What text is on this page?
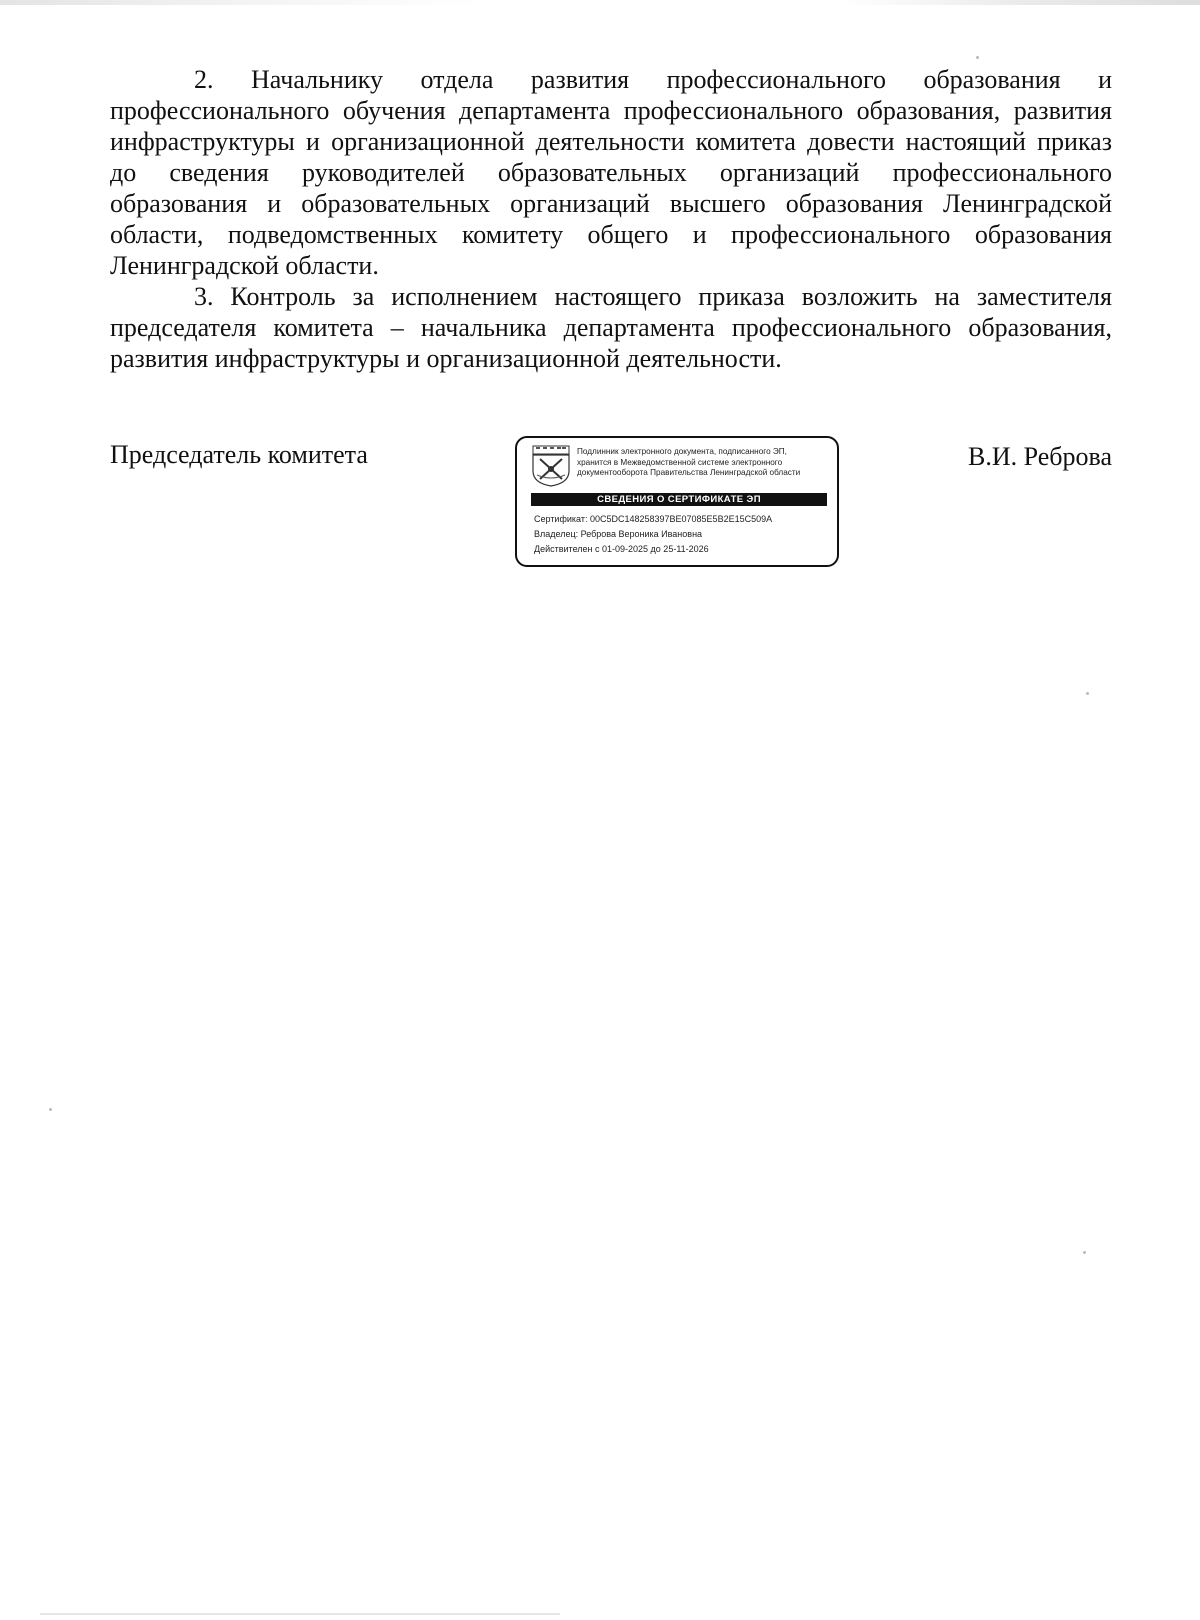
2. Начальнику отдела развития профессионального образования и профессионального обучения департамента профессионального образования, развития инфраструктуры и организационной деятельности комитета довести настоящий приказ до сведения руководителей образовательных организаций профессионального образования и образовательных организаций высшего образования Ленинградской области, подведомственных комитету общего и профессионального образования Ленинградской области.

3. Контроль за исполнением настоящего приказа возложить на заместителя председателя комитета – начальника департамента профессионального образования, развития инфраструктуры и организационной деятельности.

Председатель комитета	Подлинник электронного документа, подписанного ЭП,
хранится в Межведомственной системе электронного
документооборота Правительства Ленинградской области
СВЕДЕНИЯ О СЕРТИФИКАТЕ ЭП
Сертификат: 00C5DC148258397BE07085E5B2E15C509A
Владелец: Реброва Вероника Ивановна
Действителен с 01-09-2025 до 25-11-2026
В.И. Реброва
